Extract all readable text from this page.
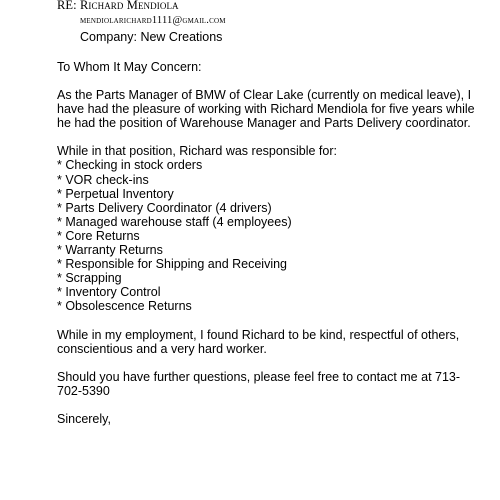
RE: Richard Mendiola
mendiolarichard1111@gmail.com
Company: New Creations

To Whom It May Concern:

As the Parts Manager of BMW of Clear Lake (currently on medical leave), I have had the pleasure of working with Richard Mendiola for five years while he had the position of Warehouse Manager and Parts Delivery coordinator.

While in that position, Richard was responsible for:

* Checking in stock orders
* VOR check-ins
* Perpetual Inventory
* Parts Delivery Coordinator (4 drivers)
* Managed warehouse staff (4 employees)
* Core Returns
* Warranty Returns
* Responsible for Shipping and Receiving
* Scrapping
* Inventory Control
* Obsolescence Returns

While in my employment, I found Richard to be kind, respectful of others, conscientious and a very hard worker.

Should you have further questions, please feel free to contact me at 713-702-5390

Sincerely,
